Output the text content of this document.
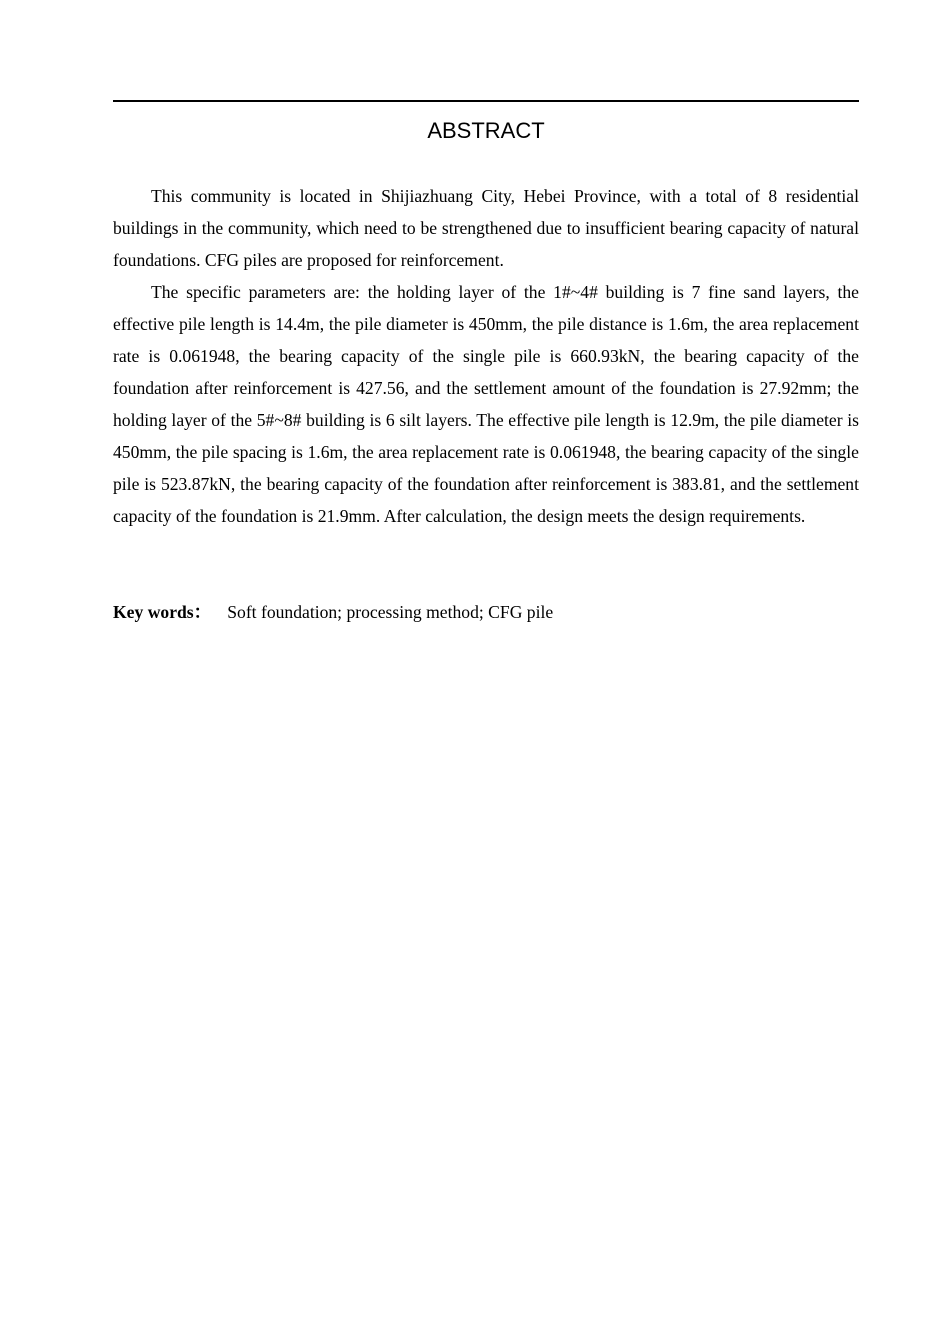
ABSTRACT

This community is located in Shijiazhuang City, Hebei Province, with a total of 8 residential buildings in the community, which need to be strengthened due to insufficient bearing capacity of natural foundations. CFG piles are proposed for reinforcement.

The specific parameters are: the holding layer of the 1#~4# building is 7 fine sand layers, the effective pile length is 14.4m, the pile diameter is 450mm, the pile distance is 1.6m, the area replacement rate is 0.061948, the bearing capacity of the single pile is 660.93kN, the bearing capacity of the foundation after reinforcement is 427.56, and the settlement amount of the foundation is 27.92mm; the holding layer of the 5#~8# building is 6 silt layers. The effective pile length is 12.9m, the pile diameter is 450mm, the pile spacing is 1.6m, the area replacement rate is 0.061948, the bearing capacity of the single pile is 523.87kN, the bearing capacity of the foundation after reinforcement is 383.81, and the settlement capacity of the foundation is 21.9mm. After calculation, the design meets the design requirements.

Key words： Soft foundation; processing method; CFG pile
